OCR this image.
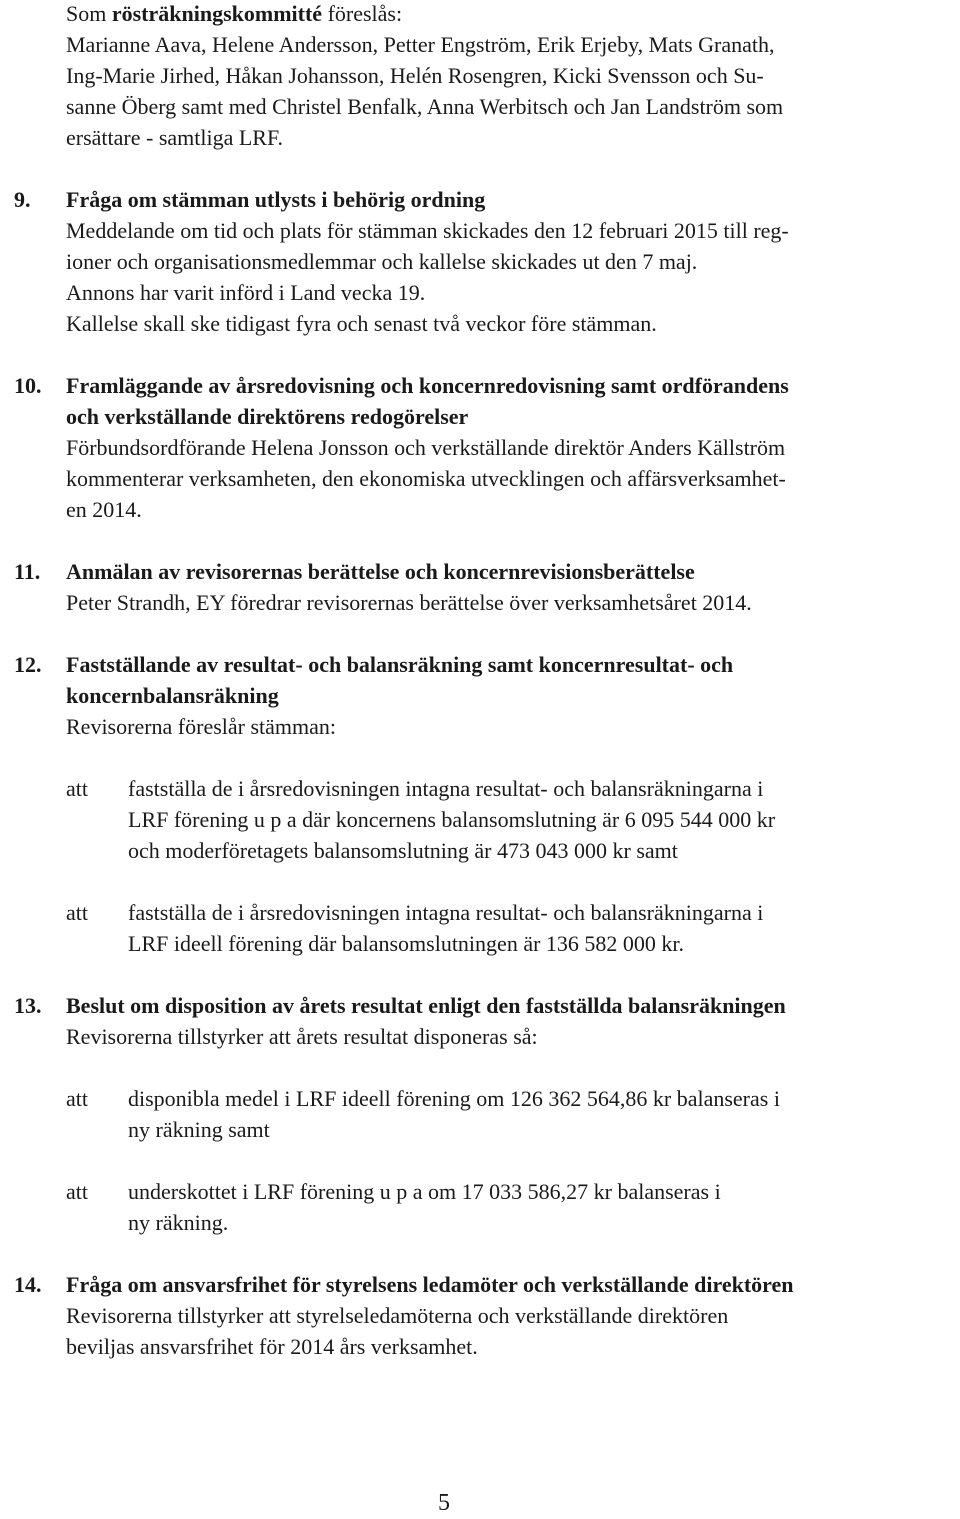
Som rösträkningskommitté föreslås:
Marianne Aava, Helene Andersson, Petter Engström, Erik Erjeby, Mats Granath,
Ing-Marie Jirhed, Håkan Johansson, Helén Rosengren, Kicki Svensson och Su-
sanne Öberg samt med Christel Benfalk, Anna Werbitsch och Jan Landström som
ersättare - samtliga LRF.
9. Fråga om stämman utlysts i behörig ordning
Meddelande om tid och plats för stämman skickades den 12 februari 2015 till reg-
ioner och organisationsmedlemmar och kallelse skickades ut den 7 maj.
Annons har varit införd i Land vecka 19.
Kallelse skall ske tidigast fyra och senast två veckor före stämman.
10. Framläggande av årsredovisning och koncernredovisning samt ordförandens
och verkställande direktörens redogörelser
Förbundsordförande Helena Jonsson och verkställande direktör Anders Källström
kommenterar verksamheten, den ekonomiska utvecklingen och affärsverksamhet-
en 2014.
11. Anmälan av revisorernas berättelse och koncernrevisionsberättelse
Peter Strandh, EY föredrar revisorernas berättelse över verksamhetsåret 2014.
12. Fastställande av resultat- och balansräkning samt koncernresultat- och
koncernbalansräkning
Revisorerna föreslår stämman:
att fastställa de i årsredovisningen intagna resultat- och balansräkningarna i
LRF förening u p a där koncernens balansomslutning är 6 095 544 000 kr
och moderföretagets balansomslutning är 473 043 000 kr samt
att fastställa de i årsredovisningen intagna resultat- och balansräkningarna i
LRF ideell förening där balansomslutningen är 136 582 000 kr.
13. Beslut om disposition av årets resultat enligt den fastställda balansräkningen
Revisorerna tillstyrker att årets resultat disponeras så:
att disponibla medel i LRF ideell förening om 126 362 564,86 kr balanseras i
ny räkning samt
att underskottet i LRF förening u p a om 17 033 586,27 kr balanseras i
ny räkning.
14. Fråga om ansvarsfrihet för styrelsens ledamöter och verkställande direktören
Revisorerna tillstyrker att styrelseledamöterna och verkställande direktören
beviljas ansvarsfrihet för 2014 års verksamhet.
5
